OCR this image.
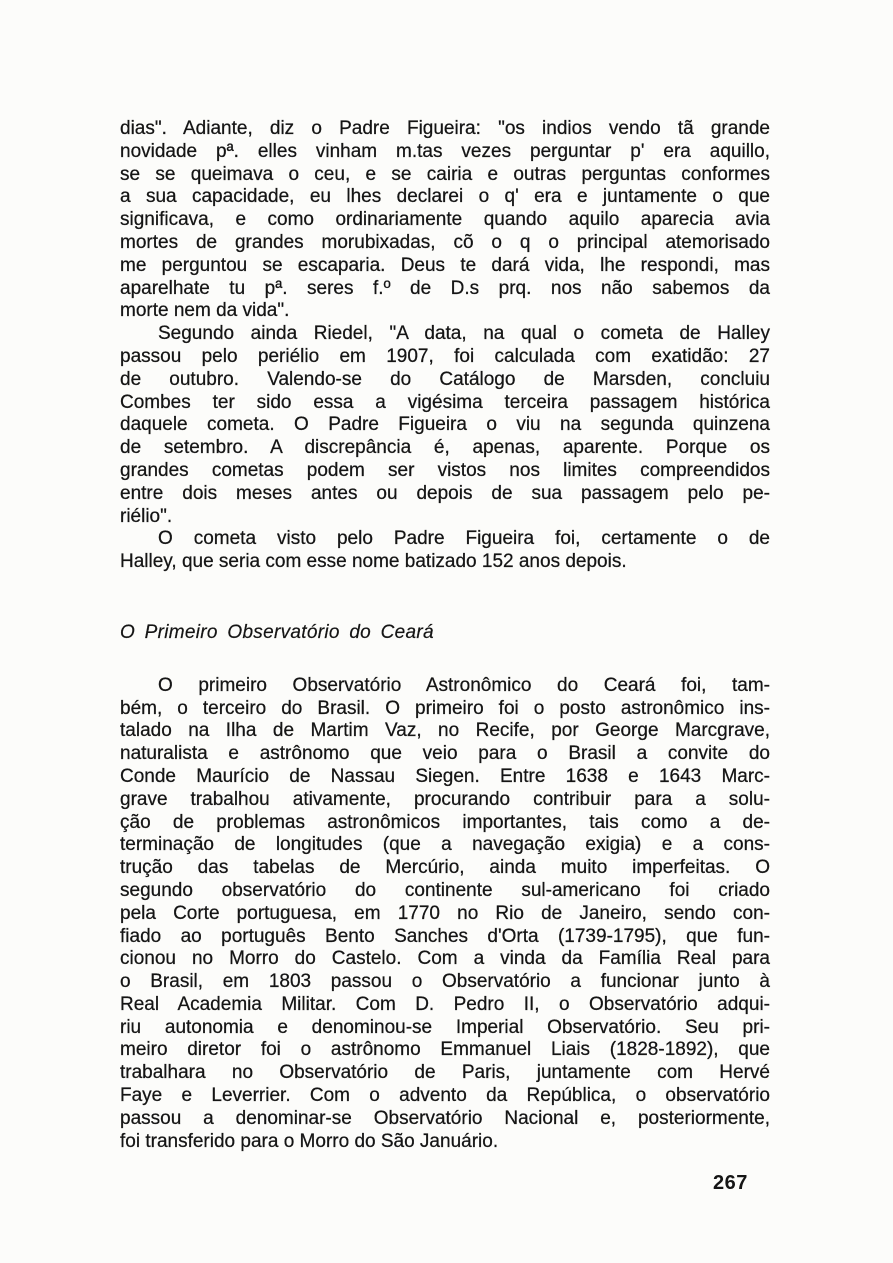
dias". Adiante, diz o Padre Figueira: "os indios vendo tã grande
novidade pª. elles vinham m.tas vezes perguntar p' era aquillo,
se se queimava o ceu, e se cairia e outras perguntas conformes
a sua capacidade, eu lhes declarei o q' era e juntamente o que
significava, e como ordinariamente quando aquilo aparecia avia
mortes de grandes morubixadas, cõ o q o principal atemorisado
me perguntou se escaparia. Deus te dará vida, lhe respondi, mas
aparelhate tu pª. seres f.º de D.s prq. nos não sabemos da
morte nem da vida".
Segundo ainda Riedel, "A data, na qual o cometa de Halley
passou pelo periélio em 1907, foi calculada com exatidão: 27
de outubro. Valendo-se do Catálogo de Marsden, concluiu
Combes ter sido essa a vigésima terceira passagem histórica
daquele cometa. O Padre Figueira o viu na segunda quinzena
de setembro. A discrepância é, apenas, aparente. Porque os
grandes cometas podem ser vistos nos limites compreendidos
entre dois meses antes ou depois de sua passagem pelo pe-
riélio".
O cometa visto pelo Padre Figueira foi, certamente o de
Halley, que seria com esse nome batizado 152 anos depois.
O Primeiro Observatório do Ceará
O primeiro Observatório Astronômico do Ceará foi, tam-
bém, o terceiro do Brasil. O primeiro foi o posto astronômico ins-
talado na Ilha de Martim Vaz, no Recife, por George Marcgrave,
naturalista e astrônomo que veio para o Brasil a convite do
Conde Maurício de Nassau Siegen. Entre 1638 e 1643 Marc-
grave trabalhou ativamente, procurando contribuir para a solu-
ção de problemas astronômicos importantes, tais como a de-
terminação de longitudes (que a navegação exigia) e a cons-
trução das tabelas de Mercúrio, ainda muito imperfeitas. O
segundo observatório do continente sul-americano foi criado
pela Corte portuguesa, em 1770 no Rio de Janeiro, sendo con-
fiado ao português Bento Sanches d'Orta (1739-1795), que fun-
cionou no Morro do Castelo. Com a vinda da Família Real para
o Brasil, em 1803 passou o Observatório a funcionar junto à
Real Academia Militar. Com D. Pedro II, o Observatório adqui-
riu autonomia e denominou-se Imperial Observatório. Seu pri-
meiro diretor foi o astrônomo Emmanuel Liais (1828-1892), que
trabalhara no Observatório de Paris, juntamente com Hervé
Faye e Leverrier. Com o advento da República, o observatório
passou a denominar-se Observatório Nacional e, posteriormente,
foi transferido para o Morro do São Januário.
267
